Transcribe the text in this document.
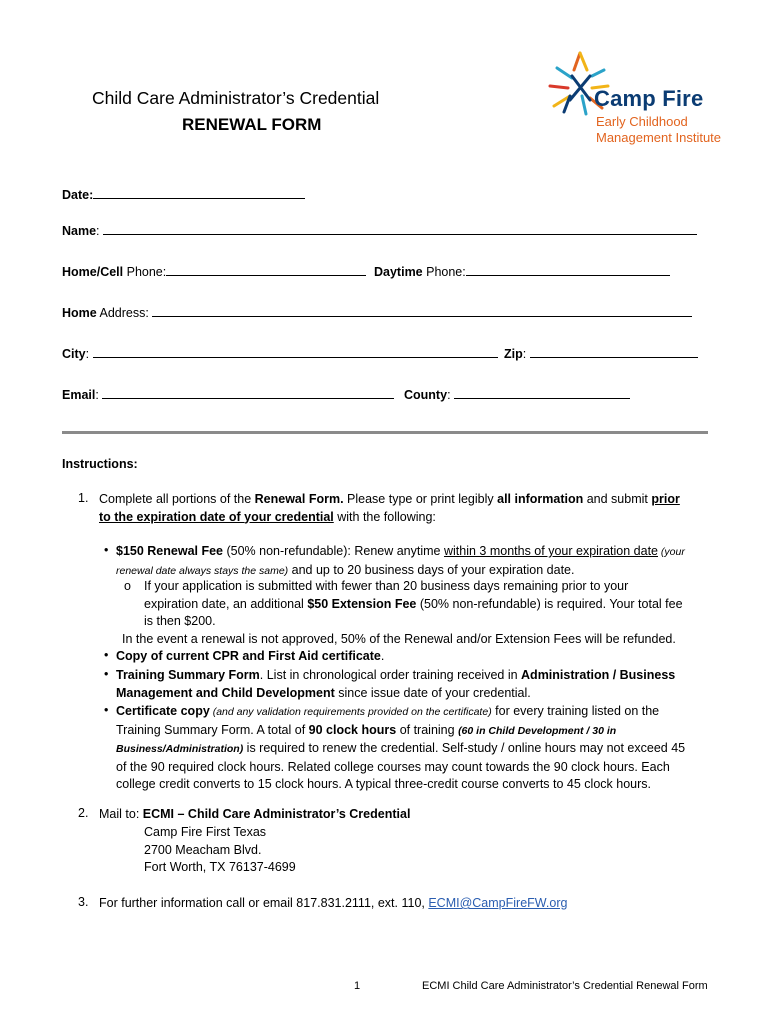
Child Care Administrator’s Credential
RENEWAL FORM
Camp Fire
Early Childhood
Management Institute
Date:
Name:
Home/Cell Phone:	Daytime Phone:
Home Address:
City:	Zip:
Email:	County:
Instructions:
1. Complete all portions of the Renewal Form. Please type or print legibly all information and submit prior
to the expiration date of your credential with the following:
• $150 Renewal Fee (50% non-refundable): Renew anytime within 3 months of your expiration date (your
renewal date always stays the same) and up to 20 business days of your expiration date.
o If your application is submitted with fewer than 20 business days remaining prior to your
expiration date, an additional $50 Extension Fee (50% non-refundable) is required. Your total fee
is then $200.
In the event a renewal is not approved, 50% of the Renewal and/or Extension Fees will be refunded.
• Copy of current CPR and First Aid certificate.
• Training Summary Form. List in chronological order training received in Administration / Business
Management and Child Development since issue date of your credential.
• Certificate copy (and any validation requirements provided on the certificate) for every training listed on the
Training Summary Form. A total of 90 clock hours of training (60 in Child Development / 30 in
Business/Administration) is required to renew the credential. Self-study / online hours may not exceed 45
of the 90 required clock hours. Related college courses may count towards the 90 clock hours. Each
college credit converts to 15 clock hours. A typical three-credit course converts to 45 clock hours.
2. Mail to: ECMI – Child Care Administrator’s Credential
Camp Fire First Texas
2700 Meacham Blvd.
Fort Worth, TX 76137-4699
3. For further information call or email 817.831.2111, ext. 110, ECMI@CampFireFW.org
1	ECMI Child Care Administrator’s Credential Renewal Form
